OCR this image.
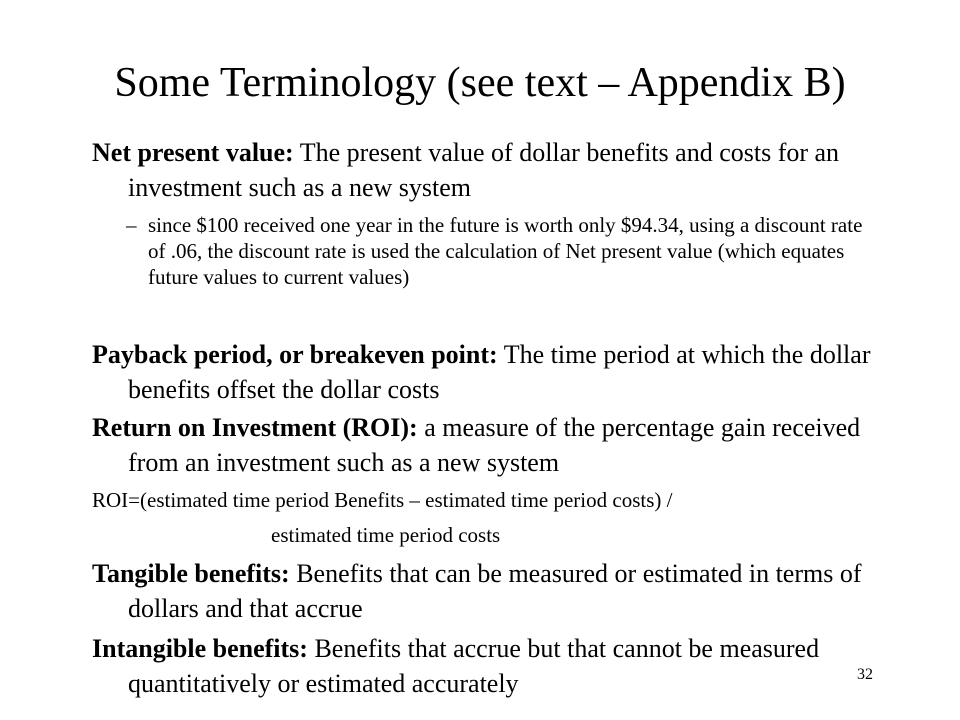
Some Terminology (see text – Appendix B)
Net present value: The present value of dollar benefits and costs for an investment such as a new system
– since $100 received one year in the future is worth only $94.34, using a discount rate of .06, the discount rate is used the calculation of Net present value (which equates future values to current values)
Payback period, or breakeven point: The time period at which the dollar benefits offset the dollar costs
Return on Investment (ROI): a measure of the percentage gain received from an investment such as a new system
ROI=(estimated time period Benefits – estimated time period costs) /
estimated time period costs
Tangible benefits: Benefits that can be measured or estimated in terms of dollars and that accrue
Intangible benefits: Benefits that accrue but that cannot be measured quantitatively or estimated accurately	32
